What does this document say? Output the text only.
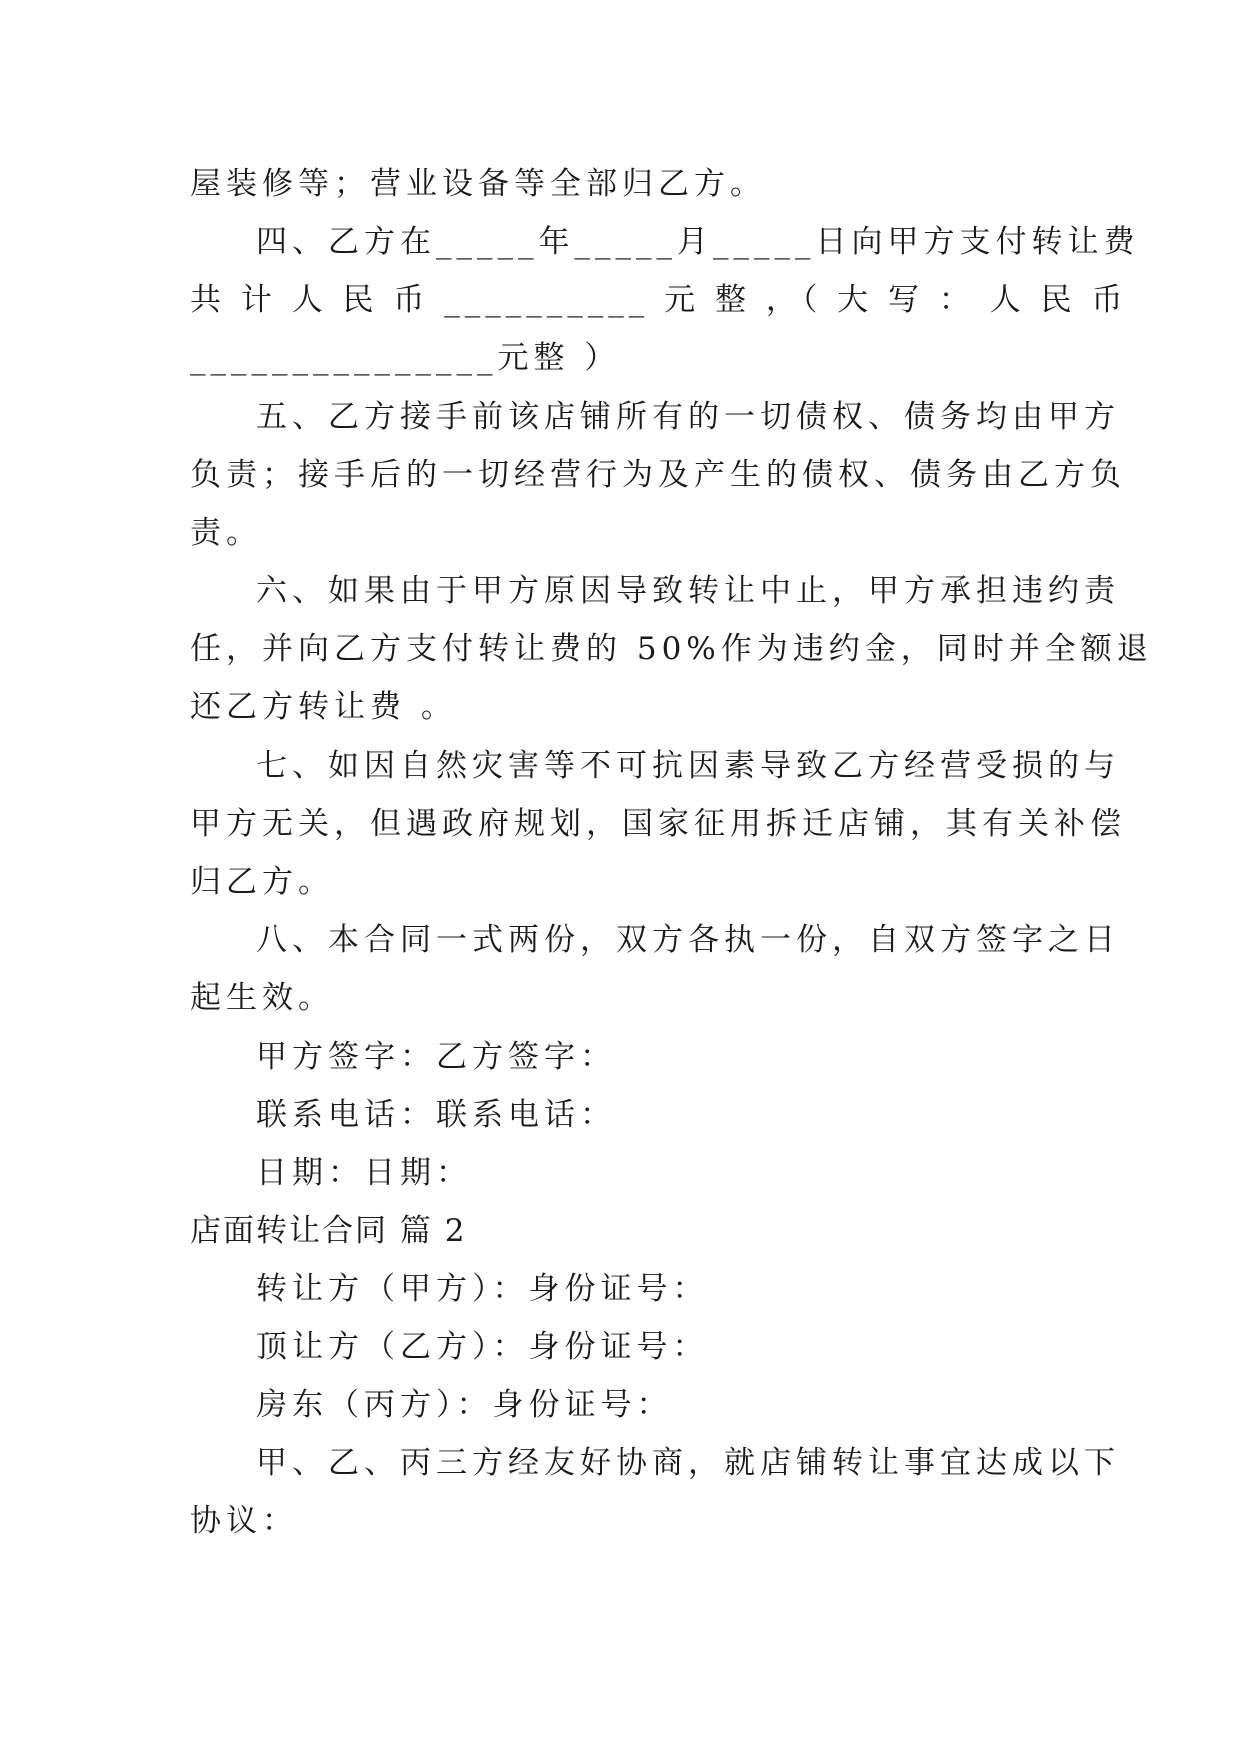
屋装修等；营业设备等全部归乙方。
四、乙方在_____年_____月_____日向甲方支付转让费
共 计 人 民 币 __________ 元 整 ，（ 大 写 ： 人 民 币
_______________元整 ）
五、乙方接手前该店铺所有的一切债权、债务均由甲方
负责；接手后的一切经营行为及产生的债权、债务由乙方负
责。
六、如果由于甲方原因导致转让中止，甲方承担违约责
任，并向乙方支付转让费的 50%作为违约金，同时并全额退
还乙方转让费 。
七、如因自然灾害等不可抗因素导致乙方经营受损的与
甲方无关，但遇政府规划，国家征用拆迁店铺，其有关补偿
归乙方。
八、本合同一式两份，双方各执一份，自双方签字之日
起生效。
甲方签字：乙方签字：
联系电话：联系电话：
日期：日期：
店面转让合同 篇 2
转让方（甲方）：身份证号：
顶让方（乙方）：身份证号：
房东（丙方）：身份证号：
甲、乙、丙三方经友好协商，就店铺转让事宜达成以下
协议：
